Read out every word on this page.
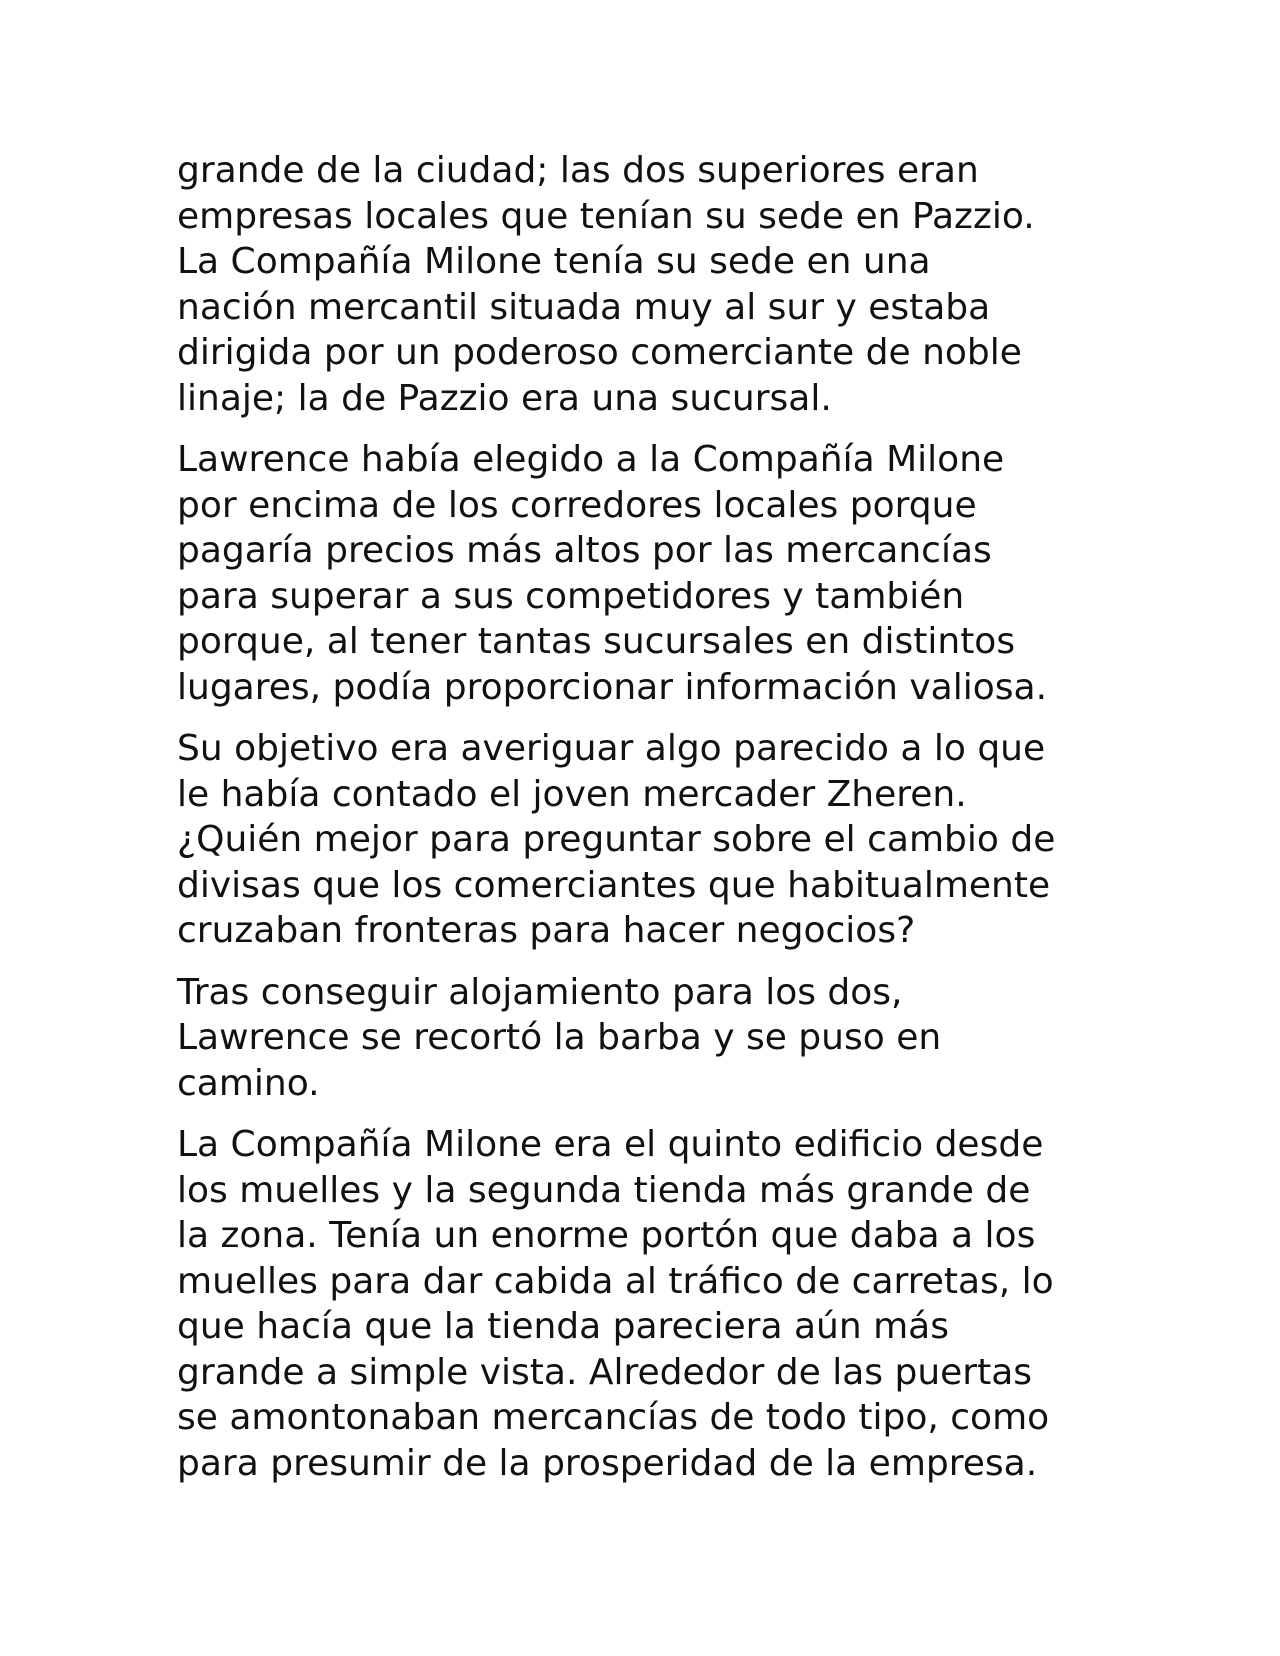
grande de la ciudad; las dos superiores eran
empresas locales que tenían su sede en Pazzio.
La Compañía Milone tenía su sede en una
nación mercantil situada muy al sur y estaba
dirigida por un poderoso comerciante de noble
linaje; la de Pazzio era una sucursal.

Lawrence había elegido a la Compañía Milone
por encima de los corredores locales porque
pagaría precios más altos por las mercancías
para superar a sus competidores y también
porque, al tener tantas sucursales en distintos
lugares, podía proporcionar información valiosa.

Su objetivo era averiguar algo parecido a lo que
le había contado el joven mercader Zheren.
¿Quién mejor para preguntar sobre el cambio de
divisas que los comerciantes que habitualmente
cruzaban fronteras para hacer negocios?

Tras conseguir alojamiento para los dos,
Lawrence se recortó la barba y se puso en
camino.

La Compañía Milone era el quinto edificio desde
los muelles y la segunda tienda más grande de
la zona. Tenía un enorme portón que daba a los
muelles para dar cabida al tráfico de carretas, lo
que hacía que la tienda pareciera aún más
grande a simple vista. Alrededor de las puertas
se amontonaban mercancías de todo tipo, como
para presumir de la prosperidad de la empresa.
